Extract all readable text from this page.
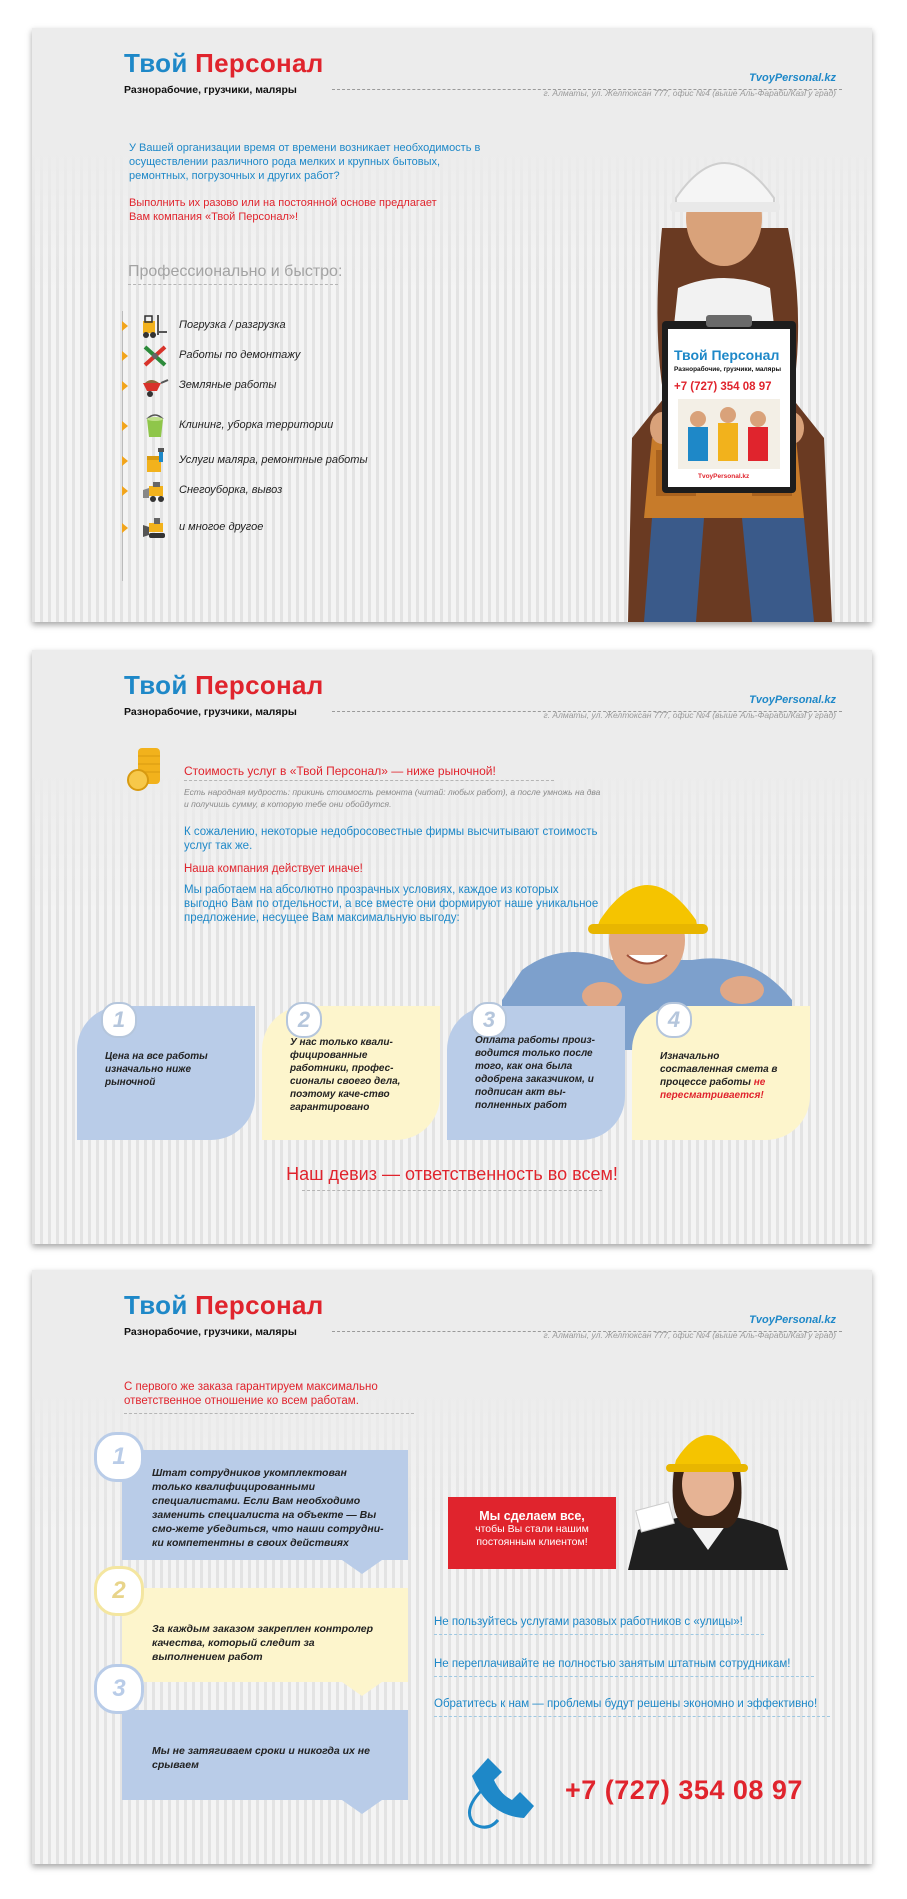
Твой Персонал
Разнорабочие, грузчики, маляры
TvoyPersonal.kz
г. Алматы, ул. Желтоксан 777, офис №4 (выше Аль-Фараби/КазГу град)
У Вашей организации время от времени возникает необходимость в осуществлении различного рода мелких и крупных бытовых, ремонтных, погрузочных и других работ?
Выполнить их разово или на постоянной основе предлагает Вам компания «Твой Персонал»!
Профессионально и быстро:
Погрузка / разгрузка
Работы по демонтажу
Земляные работы
Клининг, уборка территории
Услуги маляра, ремонтные работы
Снегоуборка, вывоз
и многое другое
Твой Персонал
Разнорабочие, грузчики, маляры
+7 (727) 354 08 97
TvoyPersonal.kz
Твой Персонал
Разнорабочие, грузчики, маляры
TvoyPersonal.kz
г. Алматы, ул. Желтоксан 777, офис №4 (выше Аль-Фараби/КазГу град)
Стоимость услуг в «Твой Персонал» — ниже рыночной!
Есть народная мудрость: прикинь стоимость ремонта (читай: любых работ), а после умножь на два и получишь сумму, в которую тебе они обойдутся.
К сожалению, некоторые недобросовестные фирмы высчитывают стоимость услуг так же.
Наша компания действует иначе!
Мы работаем на абсолютно прозрачных условиях, каждое из которых выгодно Вам по отдельности, а все вместе они формируют наше уникальное предложение, несущее Вам максимальную выгоду:
1
Цена на все работы изначально ниже рыночной
2
У нас только квали-фицированные работники, профес-сионалы своего дела, поэтому каче-ство гарантировано
3
Оплата работы произ-водится только после того, как она была одобрена заказчиком, и подписан акт вы-полненных работ
4
Изначально составленная смета в процессе работы не пересматривается!
Наш девиз — ответственность во всем!
Твой Персонал
Разнорабочие, грузчики, маляры
TvoyPersonal.kz
г. Алматы, ул. Желтоксан 777, офис №4 (выше Аль-Фараби/КазГу град)
С первого же заказа гарантируем максимально ответственное отношение ко всем работам.
Штат сотрудников укомплектован только квалифицированными специалистами. Если Вам необходимо заменить специалиста на объекте — Вы смо-жете убедиться, что наши сотрудни-ки компетентны в своих действиях
За каждым заказом закреплен контролер качества, который следит за выполнением работ
Мы не затягиваем сроки и никогда их не срываем
1
2
3
Мы сделаем все,
чтобы Вы стали нашим постоянным клиентом!
Не пользуйтесь услугами разовых работников с «улицы»!
Не переплачивайте не полностью занятым штатным сотрудникам!
Обратитесь к нам — проблемы будут решены экономно и эффективно!
+7 (727) 354 08 97
